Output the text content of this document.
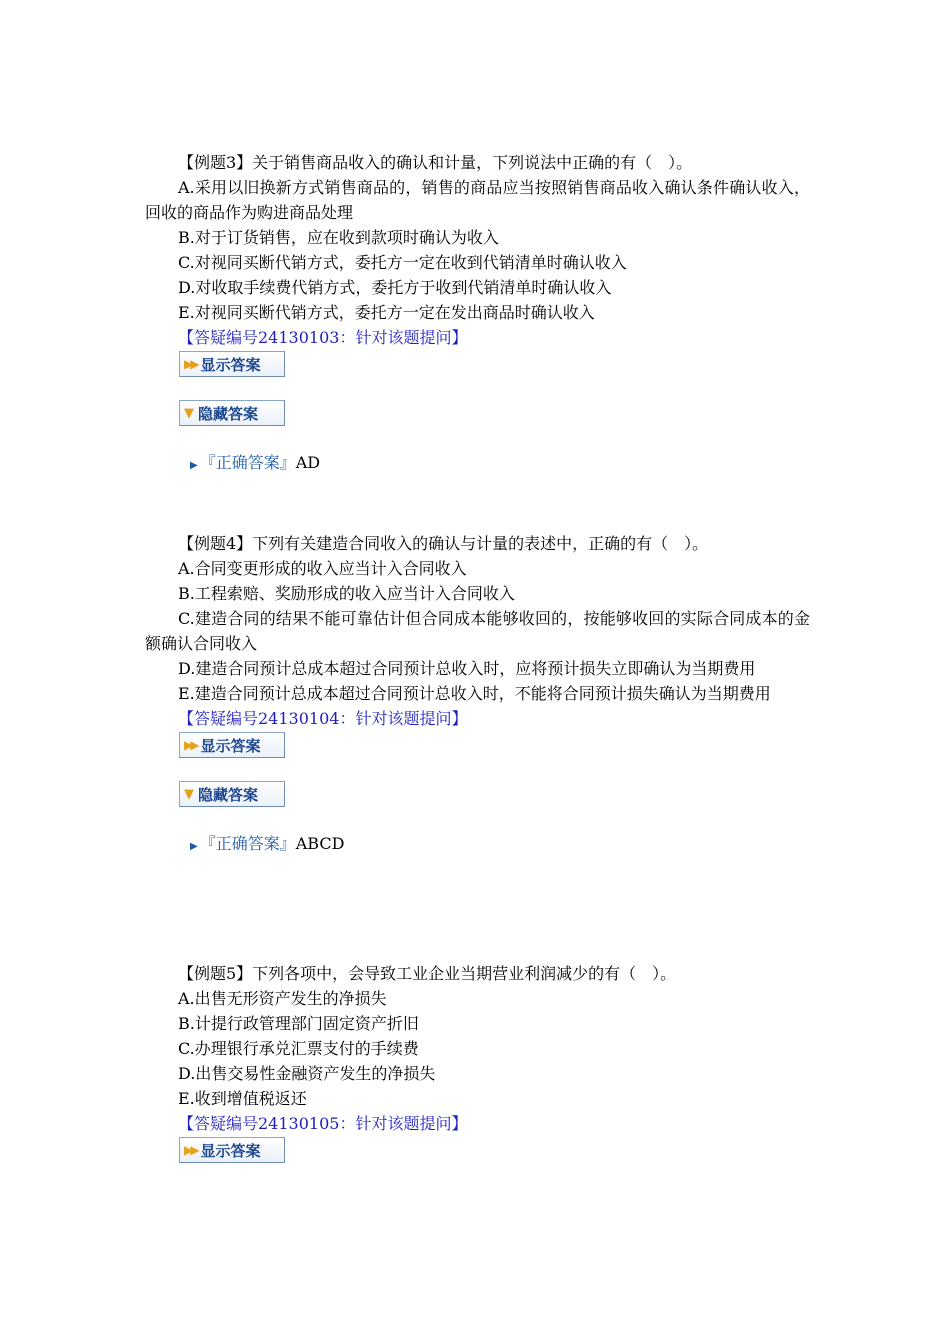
【例题3】关于销售商品收入的确认和计量，下列说法中正确的有（　）。
A.采用以旧换新方式销售商品的，销售的商品应当按照销售商品收入确认条件确认收入，回收的商品作为购进商品处理
B.对于订货销售，应在收到款项时确认为收入
C.对视同买断代销方式，委托方一定在收到代销清单时确认收入
D.对收取手续费代销方式，委托方于收到代销清单时确认收入
E.对视同买断代销方式，委托方一定在发出商品时确认收入
【答疑编号24130103：针对该题提问】
▶▶ 显示答案
▼ 隐藏答案
▶ 『正确答案』AD
【例题4】下列有关建造合同收入的确认与计量的表述中，正确的有（　）。
A.合同变更形成的收入应当计入合同收入
B.工程索赔、奖励形成的收入应当计入合同收入
C.建造合同的结果不能可靠估计但合同成本能够收回的，按能够收回的实际合同成本的金额确认合同收入
D.建造合同预计总成本超过合同预计总收入时，应将预计损失立即确认为当期费用
E.建造合同预计总成本超过合同预计总收入时，不能将合同预计损失确认为当期费用
【答疑编号24130104：针对该题提问】
▶▶ 显示答案
▼ 隐藏答案
▶ 『正确答案』ABCD
【例题5】下列各项中，会导致工业企业当期营业利润减少的有（　）。
A.出售无形资产发生的净损失
B.计提行政管理部门固定资产折旧
C.办理银行承兑汇票支付的手续费
D.出售交易性金融资产发生的净损失
E.收到增值税返还
【答疑编号24130105：针对该题提问】
▶▶ 显示答案
